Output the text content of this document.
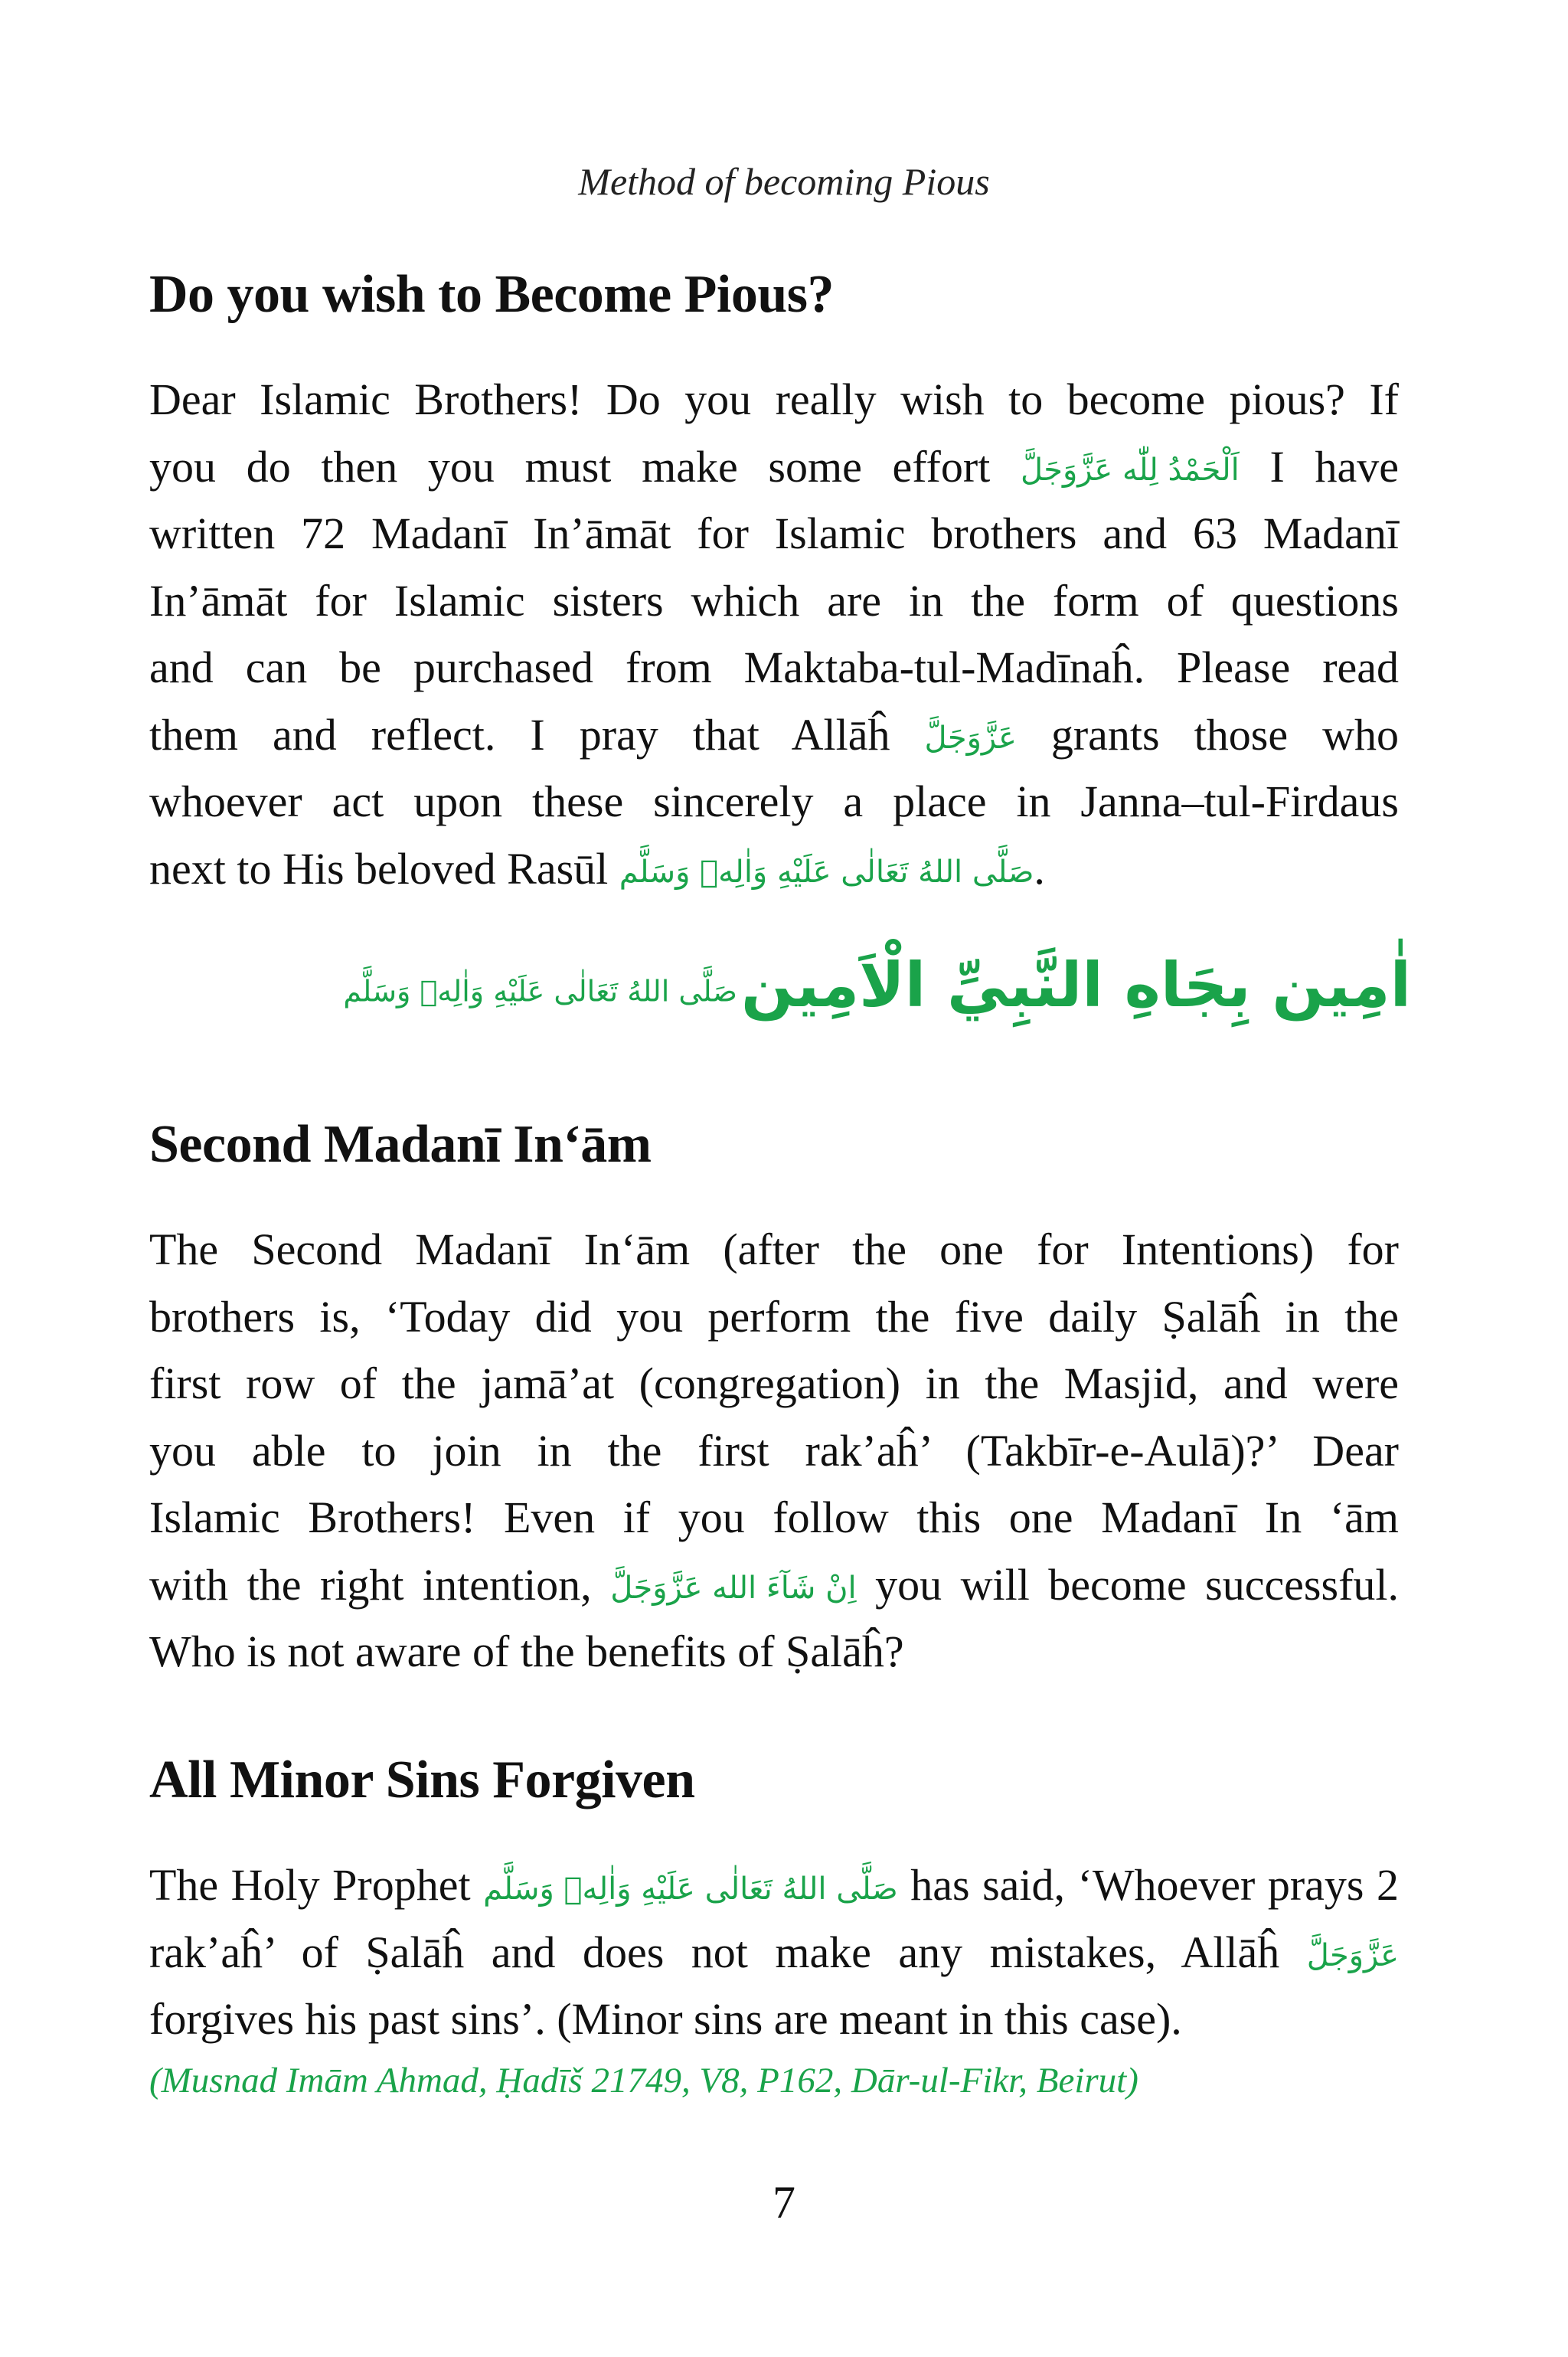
Method of becoming Pious
Do you wish to Become Pious?
Dear Islamic Brothers! Do you really wish to become pious? If
you do then you must make some effort اَلْحَمْدُ لِلّٰه عَزَّوَجَلَّ I have
written 72 Madanī In’āmāt for Islamic brothers and 63 Madanī
In’āmāt for Islamic sisters which are in the form of questions
and can be purchased from Maktaba-tul-Madīnaĥ. Please read
them and reflect. I pray that Allāĥ عَزَّوَجَلَّ grants those who
whoever act upon these sincerely a place in Janna–tul-Firdaus
next to His beloved Rasūl صَلَّى اللهُ تَعَالٰى عَلَيْهِ وَاٰلِهٖ وَسَلَّم.
اٰمِين بِجَاهِ النَّبِيِّ الْاَمِين صَلَّى اللهُ تَعَالٰى عَلَيْهِ وَاٰلِهٖ وَسَلَّم
Second Madanī In‘ām
The Second Madanī In‘ām (after the one for Intentions) for
brothers is, ‘Today did you perform the five daily Ṣalāĥ in the
first row of the jamā’at (congregation) in the Masjid, and were
you able to join in the first rak’aĥ’ (Takbīr-e-Aulā)?’ Dear
Islamic Brothers! Even if you follow this one Madanī In ‘ām
with the right intention, اِنْ شَآءَ الله عَزَّوَجَلَّ you will become successful.
Who is not aware of the benefits of Ṣalāĥ?
All Minor Sins Forgiven
The Holy Prophet صَلَّى اللهُ تَعَالٰى عَلَيْهِ وَاٰلِهٖ وَسَلَّم has said, ‘Whoever prays 2
rak’aĥ’ of Ṣalāĥ and does not make any mistakes, Allāĥ عَزَّوَجَلَّ
forgives his past sins’. (Minor sins are meant in this case).
(Musnad Imām Ahmad, Ḥadīš 21749, V8, P162, Dār-ul-Fikr, Beirut)
7
